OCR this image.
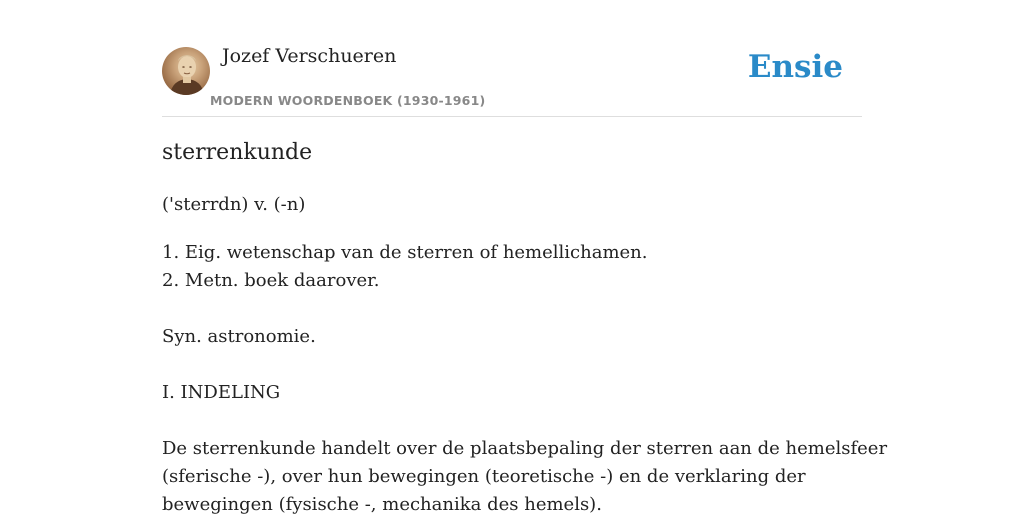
Jozef Verschueren
MODERN WOORDENBOEK (1930-1961)
Ensie
sterrenkunde
('sterrdn) v. (-n)

1. Eig. wetenschap van de sterren of hemellichamen.

2. Metn. boek daarover.

Syn. astronomie.

I. INDELING

De sterrenkunde handelt over de plaatsbepaling der sterren aan de hemelsfeer

(sferische -), over hun bewegingen (teoretische -) en de verklaring der

bewegingen (fysische -, mechanika des hemels).
